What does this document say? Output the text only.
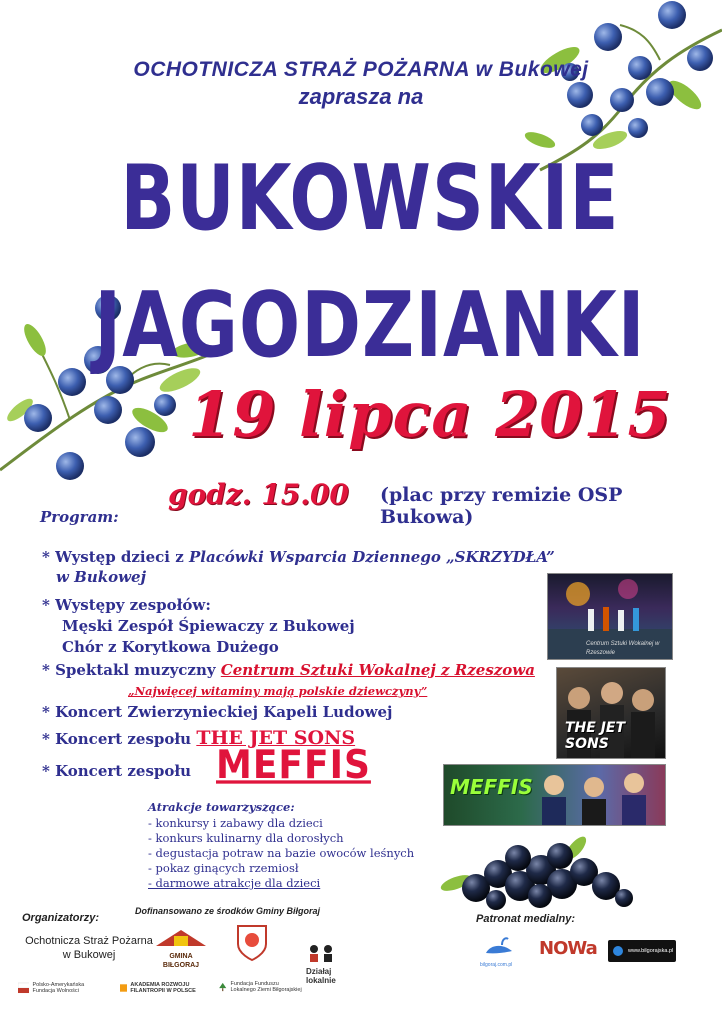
OCHOTNICZA STRAŻ POŻARNA w Bukowej
zaprasza na
BUKOWSKIE
JAGODZIANKI
19 lipca 2015
godz. 15.00 (plac przy remizie OSP Bukowa)
Program:
* Występ dzieci z Placówki Wsparcia Dziennego „SKRZYDŁA”
w Bukowej
* Występy zespołów:
Męski Zespół Śpiewaczy z Bukowej
Chór z Korytkowa Dużego
* Spektakl muzyczny Centrum Sztuki Wokalnej z Rzeszowa
„Najwięcej witaminy mają polskie dziewczyny”
* Koncert Zwierzynieckiej Kapeli Ludowej
* Koncert zespołu THE JET SONS
* Koncert zespołu MEFFIS
Centrum Sztuki Wokalnej w Rzeszowie
THE JET SONS
MEFFIS
Atrakcje towarzyszące:
- konkursy i zabawy dla dzieci
- konkurs kulinarny dla dorosłych
- degustacja potraw na bazie owoców leśnych
- pokaz ginących rzemiosł
- darmowe atrakcje dla dzieci
Organizatorzy:
Ochotnicza Straż Pożarna
w Bukowej
Dofinansowano ze środków Gminy Biłgoraj
Patronat medialny:
GMINA BIŁGORAJ
Działaj lokalnie
Polsko-Amerykańska Fundacja Wolności
AKADEMIA ROZWOJU FILANTROPII W POLSCE
Fundacja Funduszu Lokalnego Ziemi Biłgorajskiej
bilgoraj.com.pl
NOWa	www.bilgorajska.pl
